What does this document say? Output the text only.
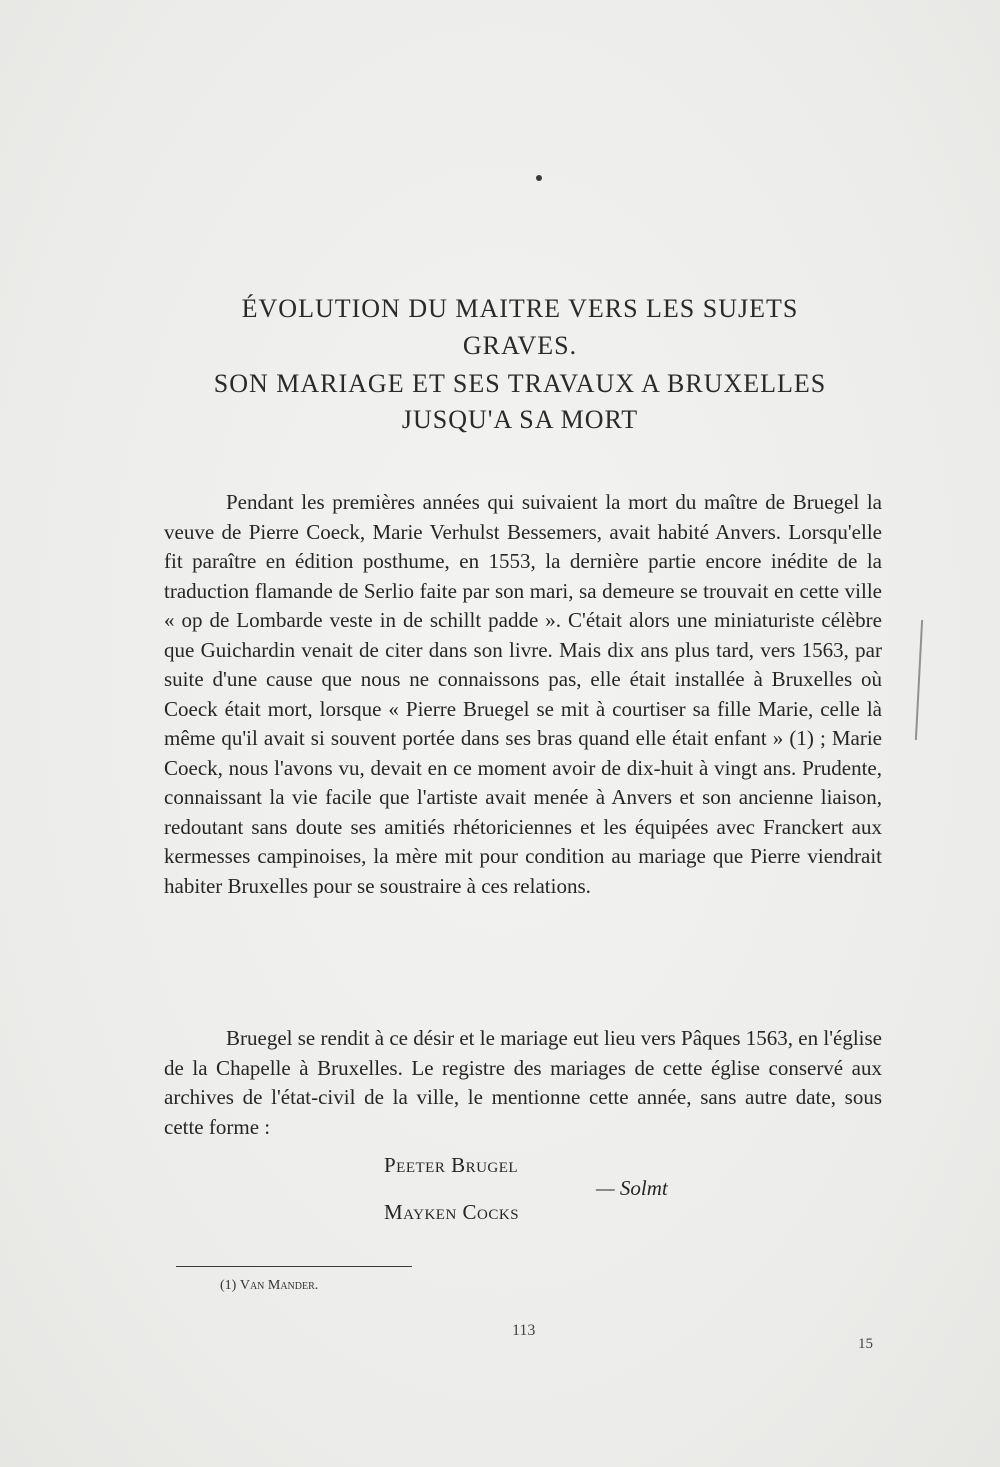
ÉVOLUTION DU MAITRE VERS LES SUJETS
GRAVES.
SON MARIAGE ET SES TRAVAUX A BRUXELLES
JUSQU'A SA MORT

Pendant les premières années qui suivaient la mort du maître de Bruegel la veuve de Pierre Coeck, Marie Verhulst Bessemers, avait habité Anvers. Lorsqu'elle fit paraître en édition posthume, en 1553, la dernière partie encore inédite de la traduction flamande de Serlio faite par son mari, sa demeure se trouvait en cette ville « op de Lombarde veste in de schillt padde ». C'était alors une miniaturiste célèbre que Guichardin venait de citer dans son livre. Mais dix ans plus tard, vers 1563, par suite d'une cause que nous ne connaissons pas, elle était installée à Bruxelles où Coeck était mort, lorsque « Pierre Bruegel se mit à courtiser sa fille Marie, celle là même qu'il avait si souvent portée dans ses bras quand elle était enfant » (1) ; Marie Coeck, nous l'avons vu, devait en ce moment avoir de dix-huit à vingt ans. Prudente, connaissant la vie facile que l'artiste avait menée à Anvers et son ancienne liaison, redoutant sans doute ses amitiés rhétoriciennes et les équipées avec Franckert aux kermesses campinoises, la mère mit pour condition au mariage que Pierre viendrait habiter Bruxelles pour se soustraire à ces relations.

Bruegel se rendit à ce désir et le mariage eut lieu vers Pâques 1563, en l'église de la Chapelle à Bruxelles. Le registre des mariages de cette église conservé aux archives de l'état-civil de la ville, le mentionne cette année, sans autre date, sous cette forme :

Peeter Brugel
— Solmt
Mayken Cocks
(1) Van Mander.
113
15
